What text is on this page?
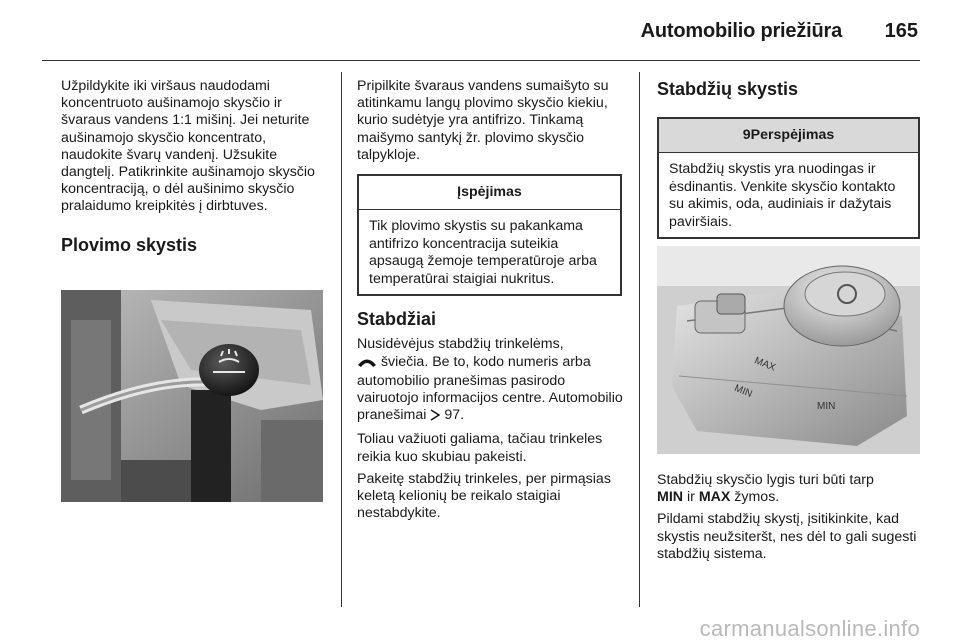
Automobilio priežiūra 165

Užpildykite iki viršaus naudodami koncentruoto aušinamojo skysčio ir švaraus vandens 1:1 mišinį. Jei neturite aušinamojo skysčio koncentrato, naudokite švarų vandenį. Užsukite dangtelį. Patikrinkite aušinamojo skysčio koncentraciją, o dėl aušinimo skysčio pralaidumo kreipkitės į dirbtuves.

Plovimo skystis

Pripilkite švaraus vandens sumaišyto su atitinkamu langų plovimo skysčio kiekiu, kurio sudėtyje yra antifrizo. Tinkamą maišymo santykį žr. plovimo skysčio talpykloje.

Įspėjimas
Tik plovimo skystis su pakankama antifrizo koncentracija suteikia apsaugą žemoje temperatūroje arba temperatūrai staigiai nukritus.
Stabdžiai

Nusidėvėjus stabdžių trinkelėms,
šviečia. Be to, kodo numeris arba automobilio pranešimas pasirodo vairuotojo informacijos centre. Automobilio pranešimai 97.

Toliau važiuoti galiama, tačiau trinkeles reikia kuo skubiau pakeisti.

Pakeitę stabdžių trinkeles, per pirmąsias keletą kelionių be reikalo staigiai nestabdykite.

Stabdžių skystis
9Perspėjimas
Stabdžių skystis yra nuodingas ir ėsdinantis. Venkite skysčio kontakto su akimis, oda, audiniais ir dažytais paviršiais.
MAX
MIN
MIN

Stabdžių skysčio lygis turi būti tarp
MIN ir MAX žymos.

Pildami stabdžių skystį, įsitikinkite, kad skystis neužsiteršt, nes dėl to gali sugesti stabdžių sistema.

carmanualsonline.info
